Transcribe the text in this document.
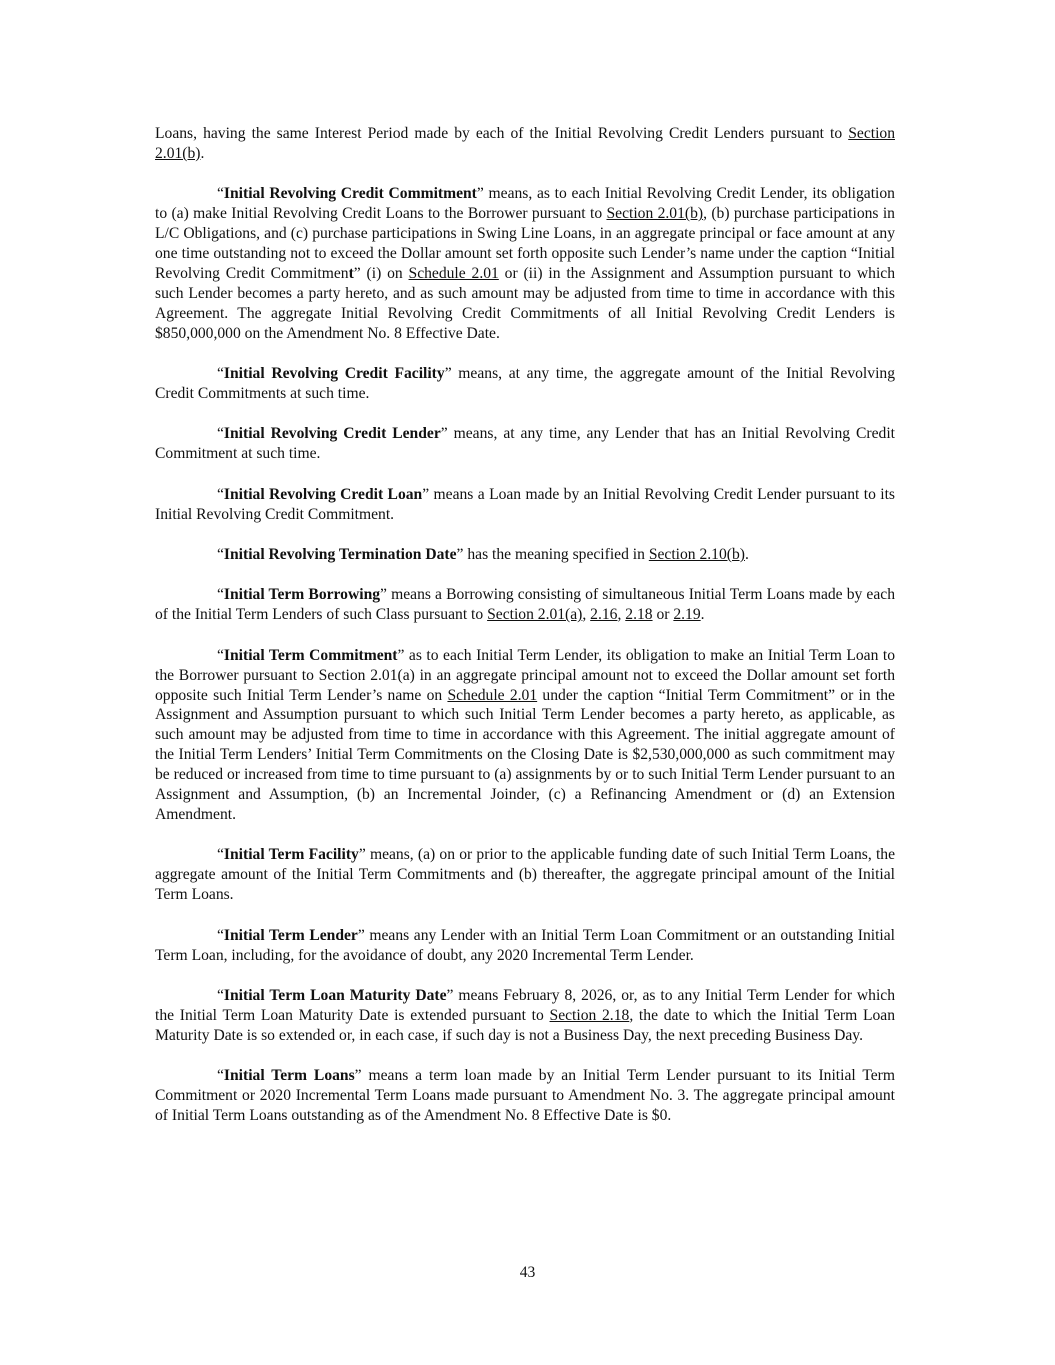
Loans, having the same Interest Period made by each of the Initial Revolving Credit Lenders pursuant to Section 2.01(b).

“Initial Revolving Credit Commitment” means, as to each Initial Revolving Credit Lender, its obligation to (a) make Initial Revolving Credit Loans to the Borrower pursuant to Section 2.01(b), (b) purchase participations in L/C Obligations, and (c) purchase participations in Swing Line Loans, in an aggregate principal or face amount at any one time outstanding not to exceed the Dollar amount set forth opposite such Lender’s name under the caption “Initial Revolving Credit Commitment” (i) on Schedule 2.01 or (ii) in the Assignment and Assumption pursuant to which such Lender becomes a party hereto, and as such amount may be adjusted from time to time in accordance with this Agreement. The aggregate Initial Revolving Credit Commitments of all Initial Revolving Credit Lenders is $850,000,000 on the Amendment No. 8 Effective Date.

“Initial Revolving Credit Facility” means, at any time, the aggregate amount of the Initial Revolving Credit Commitments at such time.

“Initial Revolving Credit Lender” means, at any time, any Lender that has an Initial Revolving Credit Commitment at such time.

“Initial Revolving Credit Loan” means a Loan made by an Initial Revolving Credit Lender pursuant to its Initial Revolving Credit Commitment.

“Initial Revolving Termination Date” has the meaning specified in Section 2.10(b).

“Initial Term Borrowing” means a Borrowing consisting of simultaneous Initial Term Loans made by each of the Initial Term Lenders of such Class pursuant to Section 2.01(a), 2.16, 2.18 or 2.19.

“Initial Term Commitment” as to each Initial Term Lender, its obligation to make an Initial Term Loan to the Borrower pursuant to Section 2.01(a) in an aggregate principal amount not to exceed the Dollar amount set forth opposite such Initial Term Lender’s name on Schedule 2.01 under the caption “Initial Term Commitment” or in the Assignment and Assumption pursuant to which such Initial Term Lender becomes a party hereto, as applicable, as such amount may be adjusted from time to time in accordance with this Agreement. The initial aggregate amount of the Initial Term Lenders’ Initial Term Commitments on the Closing Date is $2,530,000,000 as such commitment may be reduced or increased from time to time pursuant to (a) assignments by or to such Initial Term Lender pursuant to an Assignment and Assumption, (b) an Incremental Joinder, (c) a Refinancing Amendment or (d) an Extension Amendment.

“Initial Term Facility” means, (a) on or prior to the applicable funding date of such Initial Term Loans, the aggregate amount of the Initial Term Commitments and (b) thereafter, the aggregate principal amount of the Initial Term Loans.

“Initial Term Lender” means any Lender with an Initial Term Loan Commitment or an outstanding Initial Term Loan, including, for the avoidance of doubt, any 2020 Incremental Term Lender.

“Initial Term Loan Maturity Date” means February 8, 2026, or, as to any Initial Term Lender for which the Initial Term Loan Maturity Date is extended pursuant to Section 2.18, the date to which the Initial Term Loan Maturity Date is so extended or, in each case, if such day is not a Business Day, the next preceding Business Day.

“Initial Term Loans” means a term loan made by an Initial Term Lender pursuant to its Initial Term Commitment or 2020 Incremental Term Loans made pursuant to Amendment No. 3. The aggregate principal amount of Initial Term Loans outstanding as of the Amendment No. 8 Effective Date is $0.

43
